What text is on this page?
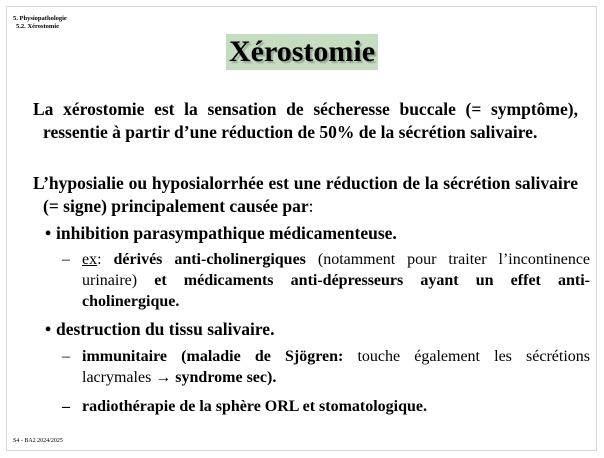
5. Physiopathologie
5.2. Xérostomie
Xérostomie
La xérostomie est la sensation de sécheresse buccale (= symptôme), ressentie à partir d’une réduction de 50% de la sécrétion salivaire.
L’hyposialie ou hyposialorrhée est une réduction de la sécrétion salivaire (= signe) principalement causée par:
• inhibition parasympathique médicamenteuse.
– ex: dérivés anti-cholinergiques (notamment pour traiter l’incontinence urinaire) et médicaments anti-dépresseurs ayant un effet anti-cholinergique.
• destruction du tissu salivaire.
– immunitaire (maladie de Sjögren: touche également les sécrétions lacrymales → syndrome sec).
– radiothérapie de la sphère ORL et stomatologique.
S4 - BA2 2024/2025
